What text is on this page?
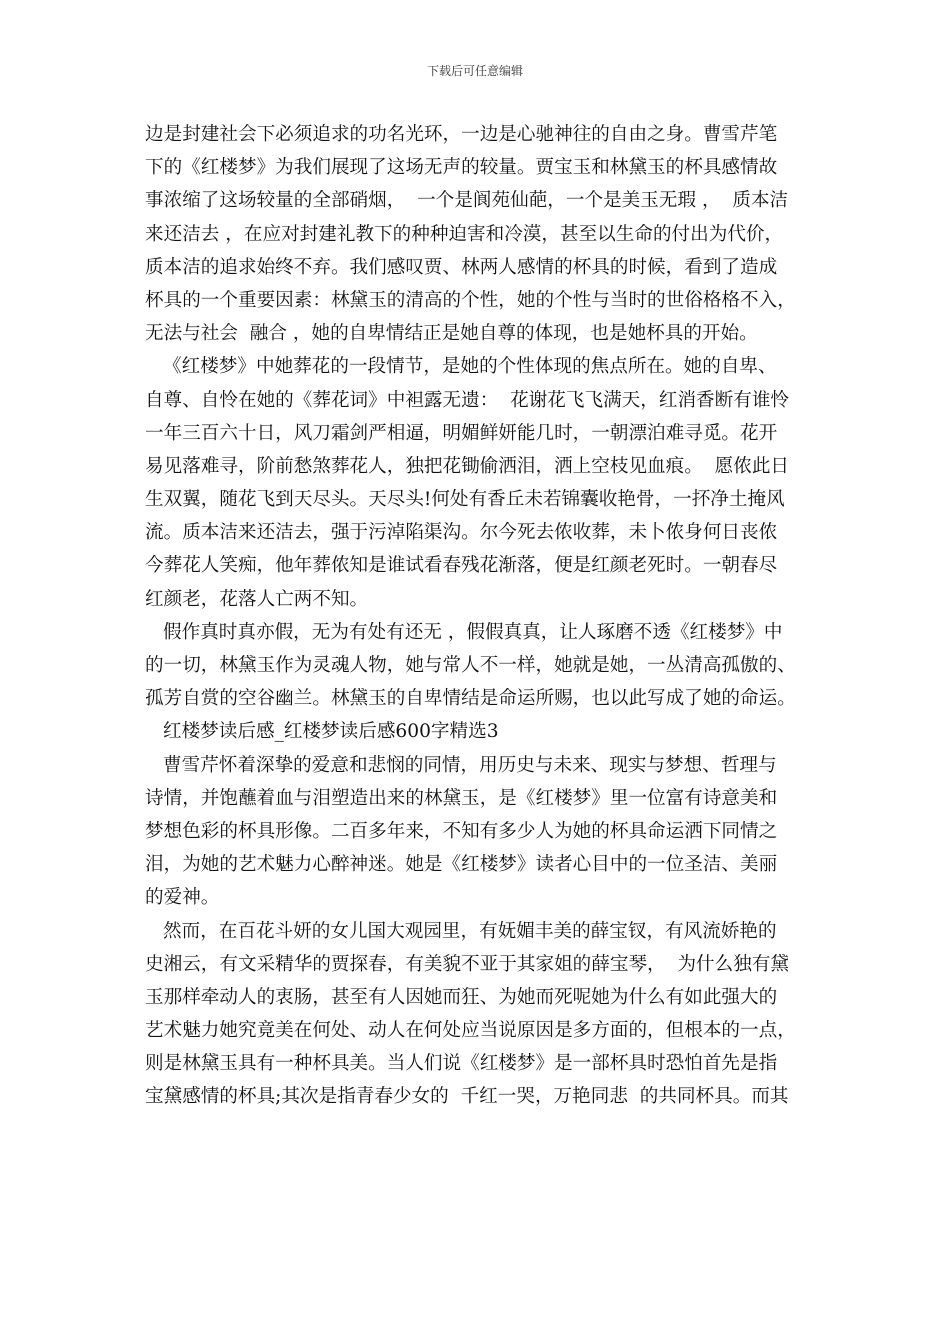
下载后可任意编辑
边是封建社会下必须追求的功名光环，一边是心驰神往的自由之身。曹雪芹笔
下的《红楼梦》为我们展现了这场无声的较量。贾宝玉和林黛玉的杯具感情故
事浓缩了这场较量的全部硝烟，  一个是阆苑仙葩，一个是美玉无瑕 ，  质本洁
来还洁去 ，在应对封建礼教下的种种迫害和冷漠，甚至以生命的付出为代价，
质本洁的追求始终不弃。我们感叹贾、林两人感情的杯具的时候，看到了造成
杯具的一个重要因素：林黛玉的清高的个性，她的个性与当时的世俗格格不入，
无法与社会  融合 ，她的自卑情结正是她自尊的体现，也是她杯具的开始。
《红楼梦》中她葬花的一段情节，是她的个性体现的焦点所在。她的自卑、
自尊、自怜在她的《葬花词》中袒露无遗：  花谢花飞飞满天，红消香断有谁怜
一年三百六十日，风刀霜剑严相逼，明媚鲜妍能几时，一朝漂泊难寻觅。花开
易见落难寻，阶前愁煞葬花人，独把花锄偷洒泪，洒上空枝见血痕。  愿侬此日
生双翼，随花飞到天尽头。天尽头!何处有香丘未若锦囊收艳骨，一抔净土掩风
流。质本洁来还洁去，强于污淖陷渠沟。尔今死去侬收葬，未卜侬身何日丧侬
今葬花人笑痴，他年葬侬知是谁试看春残花渐落，便是红颜老死时。一朝春尽
红颜老，花落人亡两不知。
假作真时真亦假，无为有处有还无 ，假假真真，让人琢磨不透《红楼梦》中
的一切，林黛玉作为灵魂人物，她与常人不一样，她就是她，一丛清高孤傲的、
孤芳自赏的空谷幽兰。林黛玉的自卑情结是命运所赐，也以此写成了她的命运。
红楼梦读后感_红楼梦读后感600字精选3
曹雪芹怀着深挚的爱意和悲悯的同情，用历史与未来、现实与梦想、哲理与
诗情，并饱蘸着血与泪塑造出来的林黛玉，是《红楼梦》里一位富有诗意美和
梦想色彩的杯具形像。二百多年来，不知有多少人为她的杯具命运洒下同情之
泪，为她的艺术魅力心醉神迷。她是《红楼梦》读者心目中的一位圣洁、美丽
的爱神。
然而，在百花斗妍的女儿国大观园里，有妩媚丰美的薛宝钗，有风流娇艳的
史湘云，有文采精华的贾探春，有美貌不亚于其家姐的薛宝琴，  为什么独有黛
玉那样牵动人的衷肠，甚至有人因她而狂、为她而死呢她为什么有如此强大的
艺术魅力她究竟美在何处、动人在何处应当说原因是多方面的，但根本的一点，
则是林黛玉具有一种杯具美。当人们说《红楼梦》是一部杯具时恐怕首先是指
宝黛感情的杯具;其次是指青春少女的  千红一哭，万艳同悲  的共同杯具。而其
